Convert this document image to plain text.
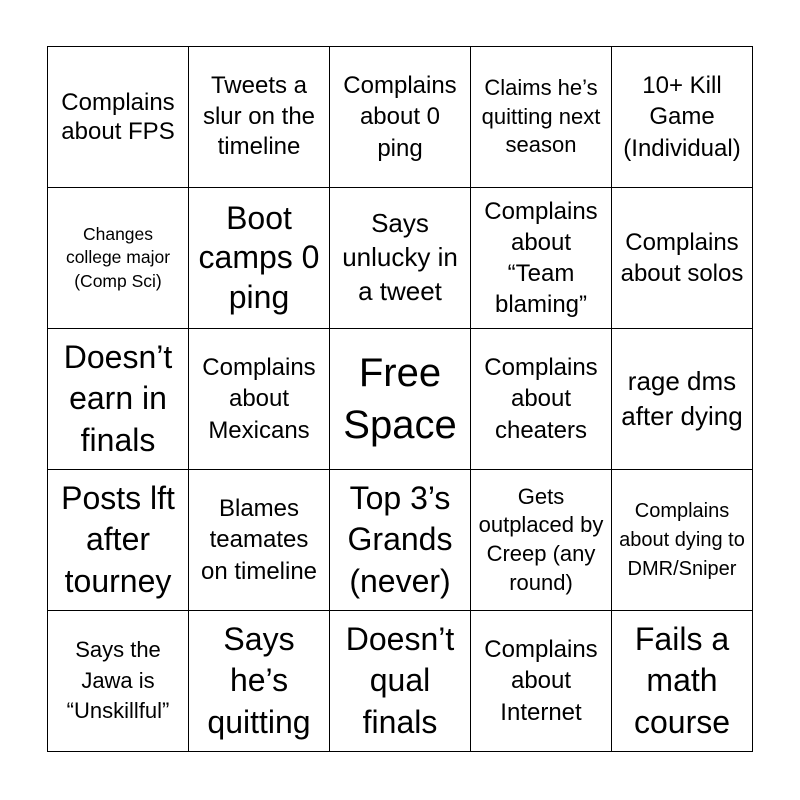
Complains about FPS
Tweets a slur on the timeline
Complains about 0 ping
Claims he’s quitting next season
10+ Kill Game (Individual)
Changes college major (Comp Sci)
Boot camps 0 ping
Says unlucky in a tweet
Complains about “Team blaming”
Complains about solos
Doesn’t earn in finals
Complains about Mexicans
Free Space
Complains about cheaters
rage dms after dying
Posts lft after tourney
Blames teamates on timeline
Top 3’s Grands (never)
Gets outplaced by Creep (any round)
Complains about dying to DMR/Sniper
Says the Jawa is “Unskillful”
Says he’s quitting
Doesn’t qual finals
Complains about Internet
Fails a math course
